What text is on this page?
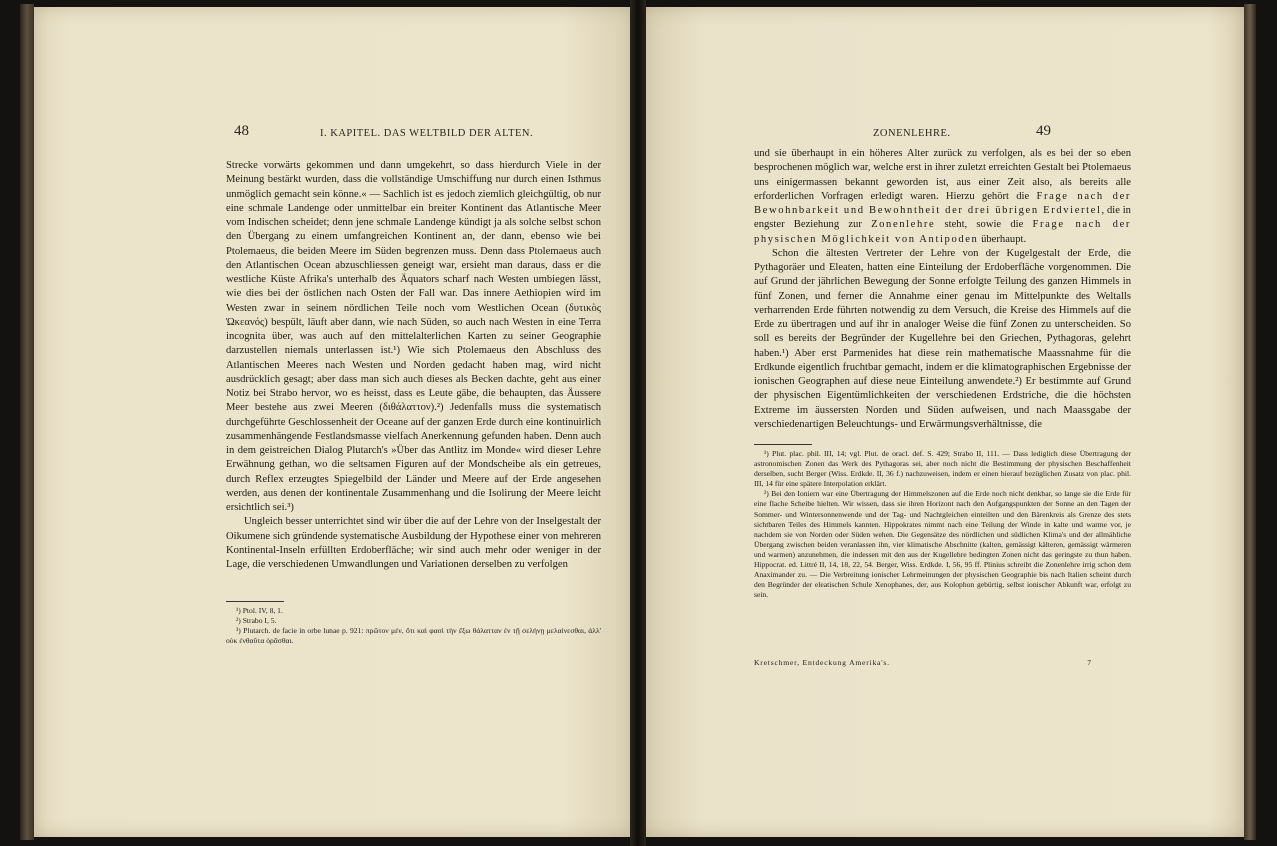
48	I. KAPITEL. DAS WELTBILD DER ALTEN.

Strecke vorwärts gekommen und dann umgekehrt, so dass hierdurch Viele in der Meinung bestärkt wurden, dass die vollständige Umschiffung nur durch einen Isthmus unmöglich gemacht sein könne.« — Sachlich ist es jedoch ziemlich gleichgültig, ob nur eine schmale Landenge oder unmittelbar ein breiter Kontinent das Atlantische Meer vom Indischen scheidet; denn jene schmale Landenge kündigt ja als solche selbst schon den Übergang zu einem umfangreichen Kontinent an, der dann, ebenso wie bei Ptolemaeus, die beiden Meere im Süden begrenzen muss. Denn dass Ptolemaeus auch den Atlantischen Ocean abzuschliessen geneigt war, ersieht man daraus, dass er die westliche Küste Afrika's unterhalb des Äquators scharf nach Westen umbiegen lässt, wie dies bei der östlichen nach Osten der Fall war. Das innere Aethiopien wird im Westen zwar in seinem nördlichen Teile noch vom Westlichen Ocean (δυτικὸς Ὠκεανός) bespült, läuft aber dann, wie nach Süden, so auch nach Westen in eine Terra incognita über, was auch auf den mittelalterlichen Karten zu seiner Geographie darzustellen niemals unterlassen ist.¹) Wie sich Ptolemaeus den Abschluss des Atlantischen Meeres nach Westen und Norden gedacht haben mag, wird nicht ausdrücklich gesagt; aber dass man sich auch dieses als Becken dachte, geht aus einer Notiz bei Strabo hervor, wo es heisst, dass es Leute gäbe, die behaupten, das Äussere Meer bestehe aus zwei Meeren (διθάλαττον).²) Jedenfalls muss die systematisch durchgeführte Geschlossenheit der Oceane auf der ganzen Erde durch eine kontinuirlich zusammenhängende Festlandsmasse vielfach Anerkennung gefunden haben. Denn auch in dem geistreichen Dialog Plutarch's »Über das Antlitz im Monde« wird dieser Lehre Erwähnung gethan, wo die seltsamen Figuren auf der Mondscheibe als ein getreues, durch Reflex erzeugtes Spiegelbild der Länder und Meere auf der Erde angesehen werden, aus denen der kontinentale Zusammenhang und die Isolirung der Meere leicht ersichtlich sei.³)

Ungleich besser unterrichtet sind wir über die auf der Lehre von der Inselgestalt der Oikumene sich gründende systematische Ausbildung der Hypothese einer von mehreren Kontinental-Inseln erfüllten Erdoberfläche; wir sind auch mehr oder weniger in der Lage, die verschiedenen Umwandlungen und Variationen derselben zu verfolgen

¹) Ptol. IV, 8, 1.

²) Strabo I, 5.

³) Plutarch. de facie in orbe lunae p. 921: πρῶτον μέν, ὅτι καὶ φασὶ τὴν ἔξω θάλατταν ἐν τῇ σελήνῃ μελαίνεσθαι, ἀλλ' οὐκ ἐνθαῦτα ὁρᾶσθαι.

ZONENLEHRE.	49

und sie überhaupt in ein höheres Alter zurück zu verfolgen, als es bei der so eben besprochenen möglich war, welche erst in ihrer zuletzt erreichten Gestalt bei Ptolemaeus uns einigermassen bekannt geworden ist, aus einer Zeit also, als bereits alle erforderlichen Vorfragen erledigt waren. Hierzu gehört die Frage nach der Bewohnbarkeit und Bewohntheit der drei übrigen Erdviertel, die in engster Beziehung zur Zonenlehre steht, sowie die Frage nach der physischen Möglichkeit von Antipoden überhaupt.

Schon die ältesten Vertreter der Lehre von der Kugelgestalt der Erde, die Pythagoräer und Eleaten, hatten eine Einteilung der Erdoberfläche vorgenommen. Die auf Grund der jährlichen Bewegung der Sonne erfolgte Teilung des ganzen Himmels in fünf Zonen, und ferner die Annahme einer genau im Mittelpunkte des Weltalls verharrenden Erde führten notwendig zu dem Versuch, die Kreise des Himmels auf die Erde zu übertragen und auf ihr in analoger Weise die fünf Zonen zu unterscheiden. So soll es bereits der Begründer der Kugellehre bei den Griechen, Pythagoras, gelehrt haben.¹) Aber erst Parmenides hat diese rein mathematische Maassnahme für die Erdkunde eigentlich fruchtbar gemacht, indem er die klimatographischen Ergebnisse der ionischen Geographen auf diese neue Einteilung anwendete.²) Er bestimmte auf Grund der physischen Eigentümlichkeiten der verschiedenen Erdstriche, die die höchsten Extreme im äussersten Norden und Süden aufweisen, und nach Maassgabe der verschiedenartigen Beleuchtungs- und Erwärmungsverhältnisse, die

¹) Plut. plac. phil. III, 14; vgl. Plut. de oracl. def. S. 429; Strabo II, 111. — Dass lediglich diese Übertragung der astronomischen Zonen das Werk des Pythagoras sei, aber noch nicht die Bestimmung der physischen Beschaffenheit derselben, sucht Berger (Wiss. Erdkde. II, 36 f.) nachzuweisen, indem er einen hierauf bezüglichen Zusatz von plac. phil. III, 14 für eine spätere Interpolation erklärt.

²) Bei den Ioniern war eine Übertragung der Himmelszonen auf die Erde noch nicht denkbar, so lange sie die Erde für eine flache Scheibe hielten. Wir wissen, dass sie ihren Horizont nach den Aufgangspunkten der Sonne an den Tagen der Sommer- und Wintersonnenwende und der Tag- und Nachtgleichen einteilten und den Bärenkreis als Grenze des stets sichtbaren Teiles des Himmels kannten. Hippokrates nimmt nach eine Teilung der Winde in kalte und warme vor, je nachdem sie von Norden oder Süden wehen. Die Gegensätze des nördlichen und südlichen Klima's und der allmähliche Übergang zwischen beiden veranlassen ihn, vier klimatische Abschnitte (kalten, gemässigt kälteren, gemässigt wärmeren und warmen) anzunehmen, die indessen mit den aus der Kugellehre bedingten Zonen nicht das geringste zu thun haben. Hippocrat. ed. Littré II, 14, 18, 22, 54. Berger, Wiss. Erdkde. I, 56, 95 ff. Plinius schreibt die Zonenlehre irrig schon dem Anaximander zu. — Die Verbreitung ionischer Lehrmeinungen der physischen Geographie bis nach Italien scheint durch den Begründer der eleatischen Schule Xenophanes, der, aus Kolophon gebürtig, selbst ionischer Abkunft war, erfolgt zu sein.

Kretschmer, Entdeckung Amerika's.	7
